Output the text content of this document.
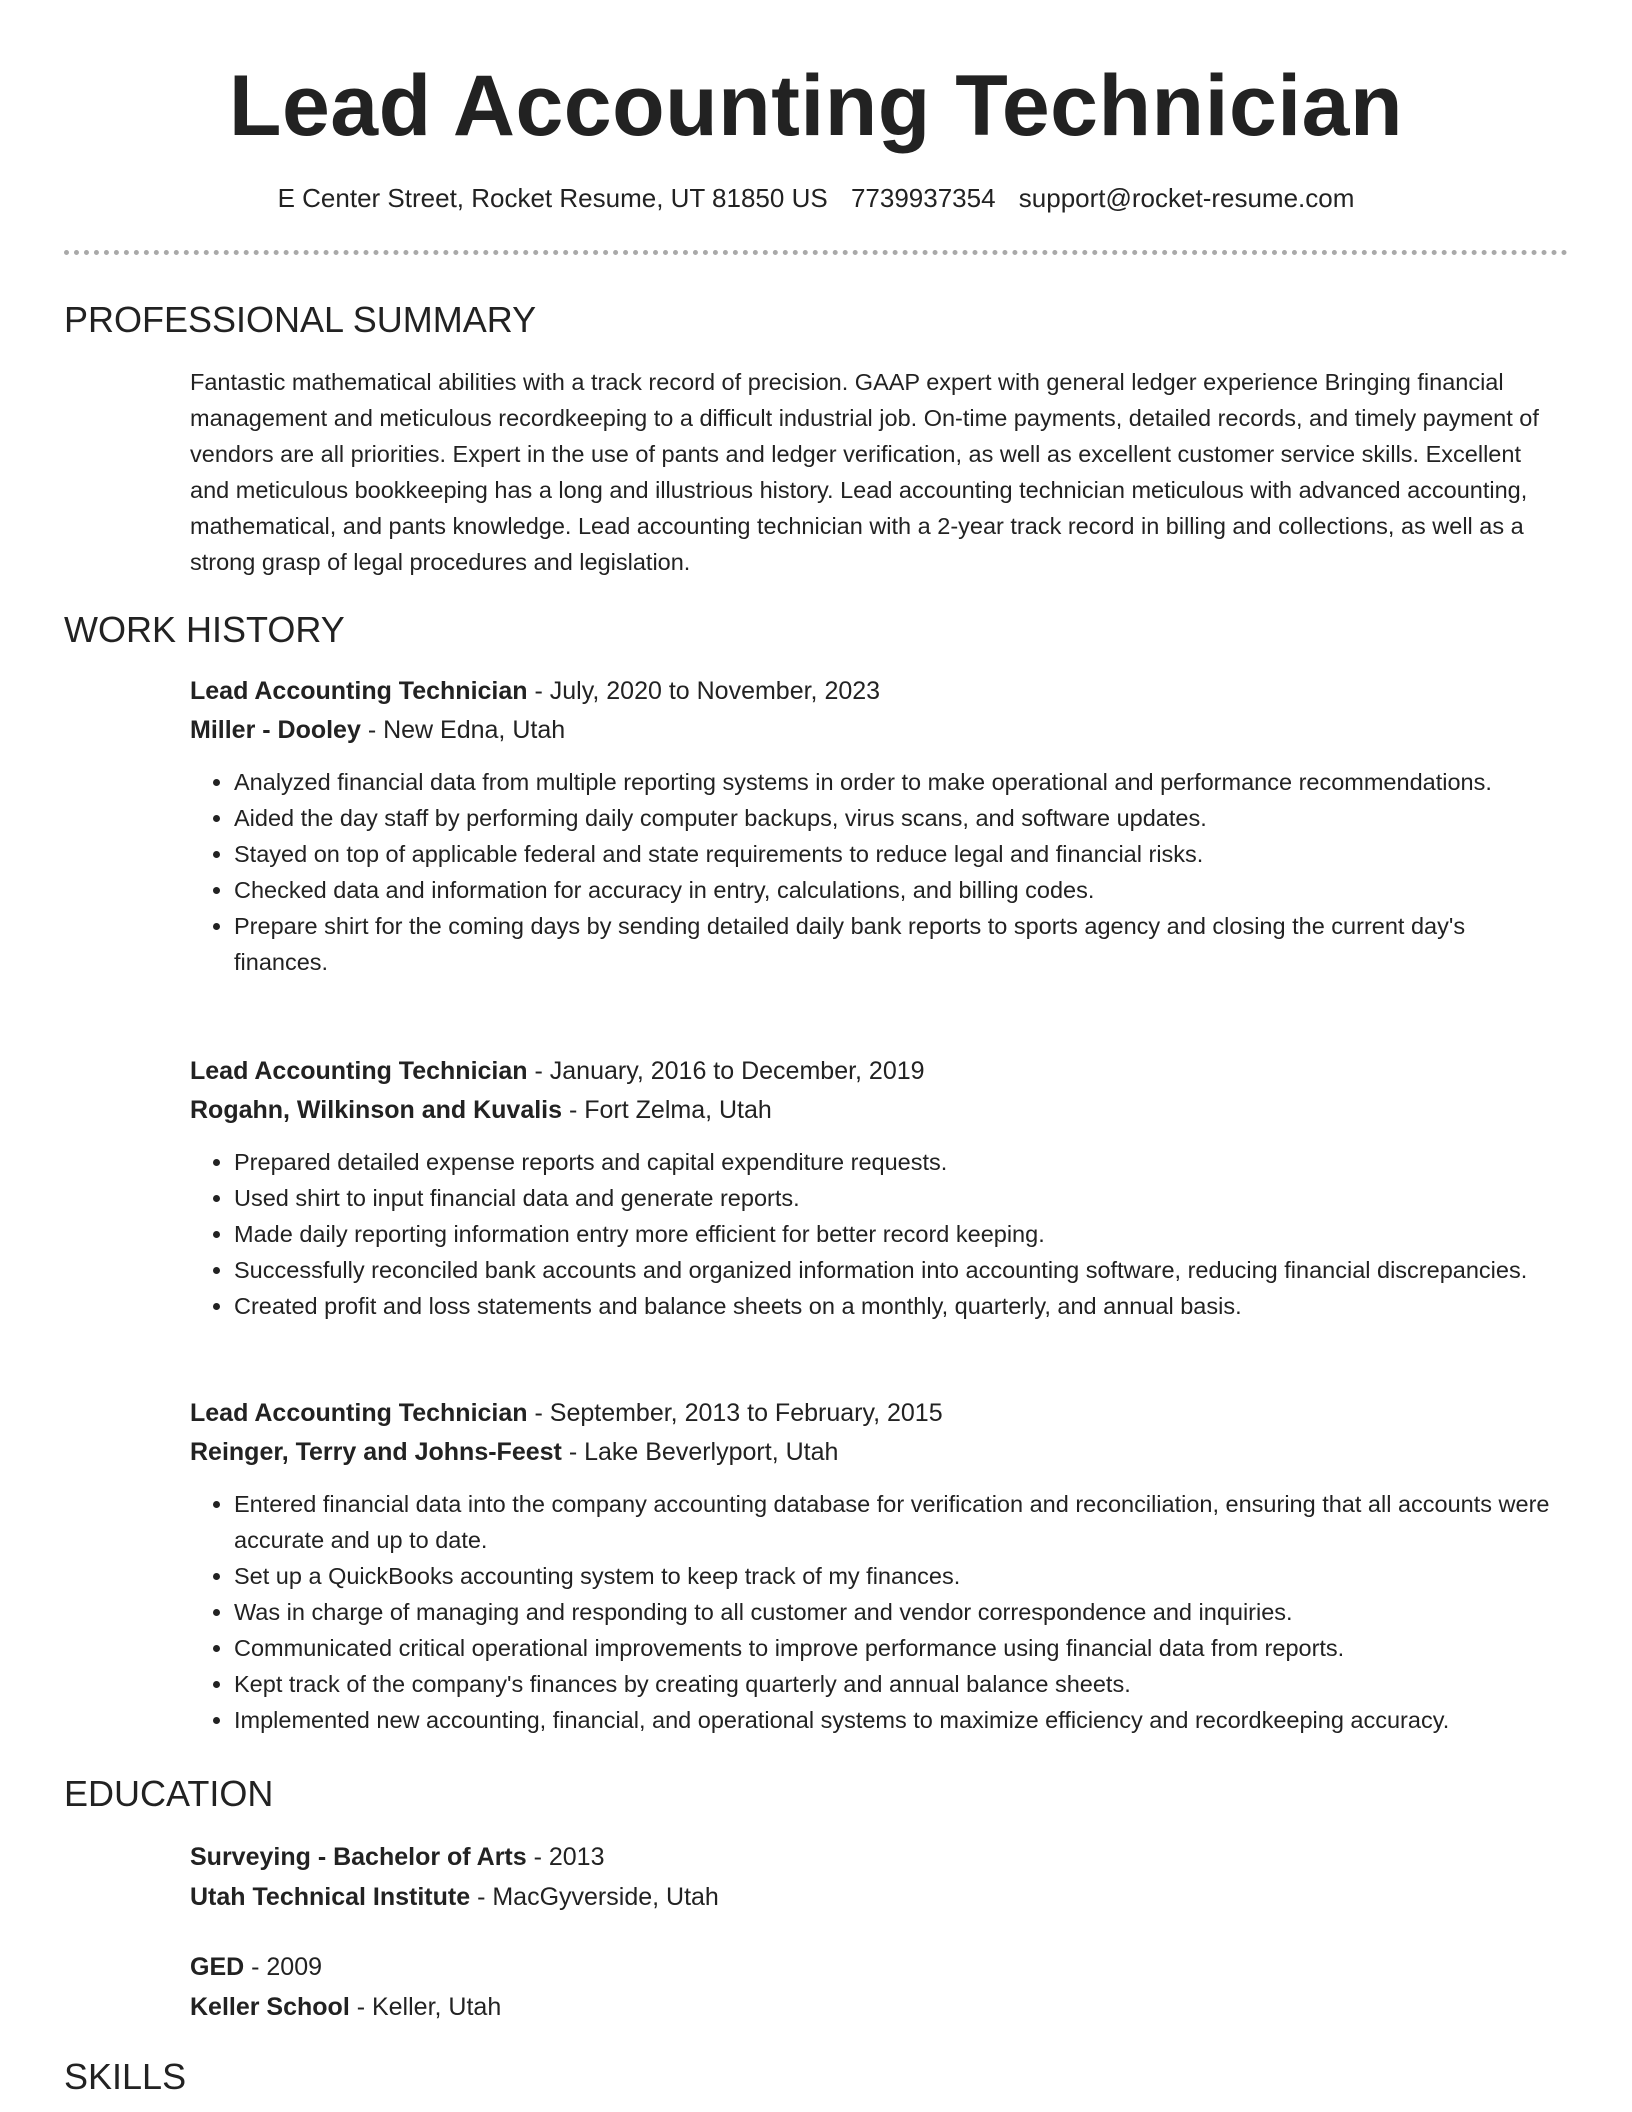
Lead Accounting Technician
E Center Street, Rocket Resume, UT 81850 US 7739937354 support@rocket-resume.com
PROFESSIONAL SUMMARY

Fantastic mathematical abilities with a track record of precision. GAAP expert with general ledger experience Bringing financial management and meticulous recordkeeping to a difficult industrial job. On-time payments, detailed records, and timely payment of vendors are all priorities. Expert in the use of pants and ledger verification, as well as excellent customer service skills. Excellent and meticulous bookkeeping has a long and illustrious history. Lead accounting technician meticulous with advanced accounting, mathematical, and pants knowledge. Lead accounting technician with a 2-year track record in billing and collections, as well as a strong grasp of legal procedures and legislation.

WORK HISTORY
Lead Accounting Technician - July, 2020 to November, 2023
Miller - Dooley - New Edna, Utah
• Analyzed financial data from multiple reporting systems in order to make operational and performance recommendations.
• Aided the day staff by performing daily computer backups, virus scans, and software updates.
• Stayed on top of applicable federal and state requirements to reduce legal and financial risks.
• Checked data and information for accuracy in entry, calculations, and billing codes.
• Prepare shirt for the coming days by sending detailed daily bank reports to sports agency and closing the current day's finances.
Lead Accounting Technician - January, 2016 to December, 2019
Rogahn, Wilkinson and Kuvalis - Fort Zelma, Utah
• Prepared detailed expense reports and capital expenditure requests.
• Used shirt to input financial data and generate reports.
• Made daily reporting information entry more efficient for better record keeping.
• Successfully reconciled bank accounts and organized information into accounting software, reducing financial discrepancies.
• Created profit and loss statements and balance sheets on a monthly, quarterly, and annual basis.
Lead Accounting Technician - September, 2013 to February, 2015
Reinger, Terry and Johns-Feest - Lake Beverlyport, Utah
• Entered financial data into the company accounting database for verification and reconciliation, ensuring that all accounts were accurate and up to date.
• Set up a QuickBooks accounting system to keep track of my finances.
• Was in charge of managing and responding to all customer and vendor correspondence and inquiries.
• Communicated critical operational improvements to improve performance using financial data from reports.
• Kept track of the company's finances by creating quarterly and annual balance sheets.
• Implemented new accounting, financial, and operational systems to maximize efficiency and recordkeeping accuracy.
EDUCATION
Surveying - Bachelor of Arts - 2013
Utah Technical Institute - MacGyverside, Utah
GED - 2009
Keller School - Keller, Utah
SKILLS
